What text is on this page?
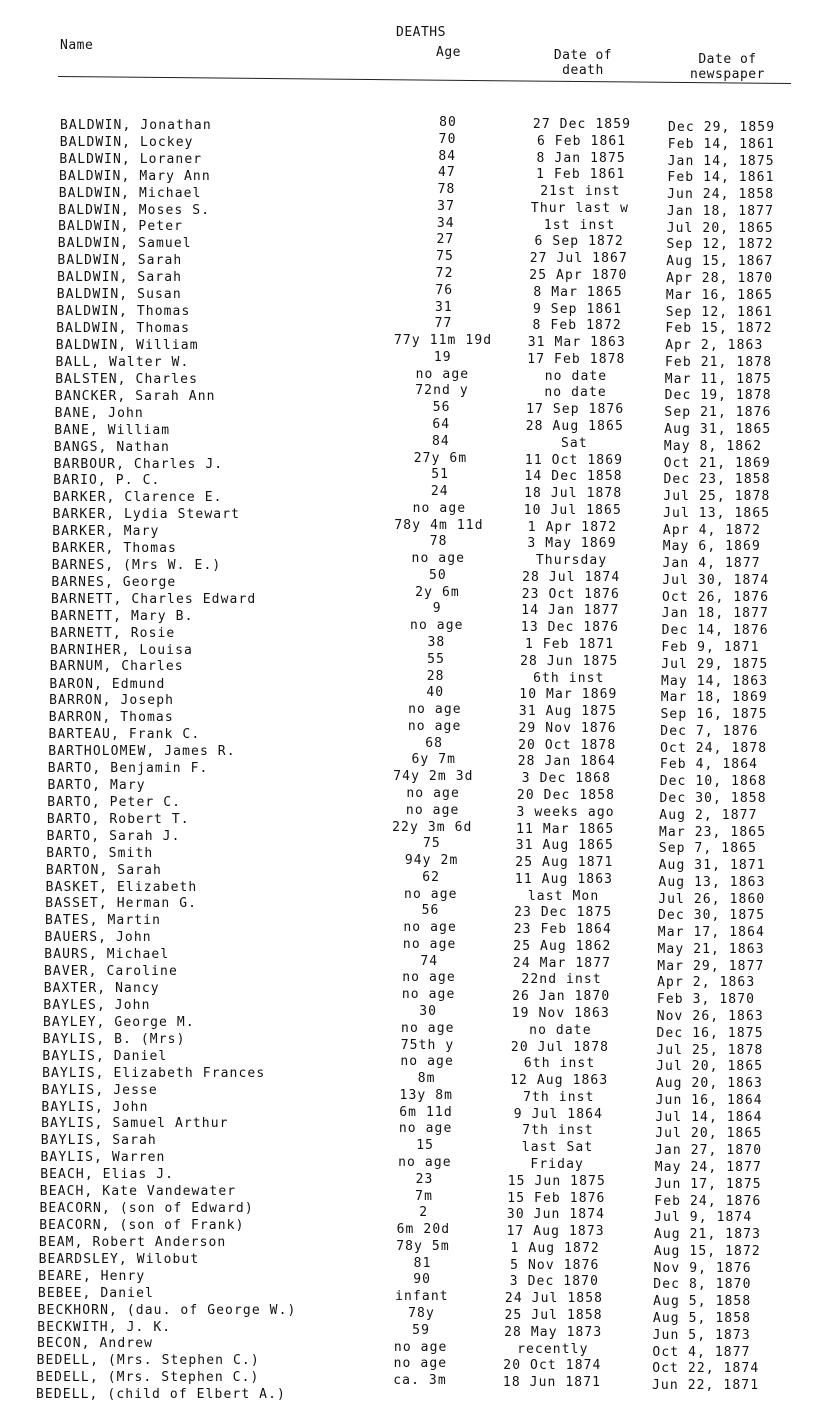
Name
DEATHS
Age	Date of
death
Date of
newspaper
BALDWIN, Jonathan	80	27 Dec 1859	Dec 29, 1859
BALDWIN, Lockey	70	6 Feb 1861	Feb 14, 1861
BALDWIN, Loraner	84	8 Jan 1875	Jan 14, 1875
BALDWIN, Mary Ann	47	1 Feb 1861	Feb 14, 1861
BALDWIN, Michael	78	21st inst	Jun 24, 1858
BALDWIN, Moses S.	37	Thur last w	Jan 18, 1877
BALDWIN, Peter	34	1st inst	Jul 20, 1865
BALDWIN, Samuel	27	6 Sep 1872	Sep 12, 1872
BALDWIN, Sarah	75	27 Jul 1867	Aug 15, 1867
BALDWIN, Sarah	72	25 Apr 1870	Apr 28, 1870
BALDWIN, Susan	76	8 Mar 1865	Mar 16, 1865
BALDWIN, Thomas	31	9 Sep 1861	Sep 12, 1861
BALDWIN, Thomas	77	8 Feb 1872	Feb 15, 1872
BALDWIN, William	77y 11m 19d	31 Mar 1863	Apr 2, 1863
BALL, Walter W.	19	17 Feb 1878	Feb 21, 1878
BALSTEN, Charles	no age	no date	Mar 11, 1875
BANCKER, Sarah Ann	72nd y	no date	Dec 19, 1878
BANE, John	56	17 Sep 1876	Sep 21, 1876
BANE, William	64	28 Aug 1865	Aug 31, 1865
BANGS, Nathan	84	Sat	May 8, 1862
BARBOUR, Charles J.	27y 6m	11 Oct 1869	Oct 21, 1869
BARIO, P. C.	51	14 Dec 1858	Dec 23, 1858
BARKER, Clarence E.	24	18 Jul 1878	Jul 25, 1878
BARKER, Lydia Stewart	no age	10 Jul 1865	Jul 13, 1865
BARKER, Mary	78y 4m 11d	1 Apr 1872	Apr 4, 1872
BARKER, Thomas	78	3 May 1869	May 6, 1869
BARNES, (Mrs W. E.)	no age	Thursday	Jan 4, 1877
BARNES, George	50	28 Jul 1874	Jul 30, 1874
BARNETT, Charles Edward	2y 6m	23 Oct 1876	Oct 26, 1876
BARNETT, Mary B.	9	14 Jan 1877	Jan 18, 1877
BARNETT, Rosie	no age	13 Dec 1876	Dec 14, 1876
BARNIHER, Louisa
38	1 Feb 1871	Feb 9, 1871
BARNUM, Charles
55	28 Jun 1875	Jul 29, 1875
BARON, Edmund
28	6th inst	May 14, 1863
BARRON, Joseph
40	10 Mar 1869	Mar 18, 1869
BARRON, Thomas
no age	31 Aug 1875	Sep 16, 1875
BARTEAU, Frank C.
no age	29 Nov 1876	Dec 7, 1876
BARTHOLOMEW, James R.
68	20 Oct 1878	Oct 24, 1878
BARTO, Benjamin F.
6y 7m	28 Jan 1864	Feb 4, 1864
BARTO, Mary
74y 2m 3d	3 Dec 1868	Dec 10, 1868
BARTO, Peter C.
no age	20 Dec 1858	Dec 30, 1858
BARTO, Robert T.
no age	3 weeks ago	Aug 2, 1877
BARTO, Sarah J.
22y 3m 6d	11 Mar 1865	Mar 23, 1865
BARTO, Smith
75	31 Aug 1865	Sep 7, 1865
BARTON, Sarah
94y 2m	25 Aug 1871	Aug 31, 1871
BASKET, Elizabeth
62	11 Aug 1863	Aug 13, 1863
BASSET, Herman G.
no age	last Mon	Jul 26, 1860
BATES, Martin
56	23 Dec 1875	Dec 30, 1875
BAUERS, John
no age	23 Feb 1864	Mar 17, 1864
BAURS, Michael
no age	25 Aug 1862	May 21, 1863
BAVER, Caroline
74	24 Mar 1877	Mar 29, 1877
BAXTER, Nancy
no age	22nd inst	Apr 2, 1863
BAYLES, John
no age	26 Jan 1870	Feb 3, 1870
BAYLEY, George M.
30	19 Nov 1863	Nov 26, 1863
BAYLIS, B. (Mrs)
no age	no date	Dec 16, 1875
BAYLIS, Daniel
75th y	20 Jul 1878	Jul 25, 1878
BAYLIS, Elizabeth Frances
no age	6th inst	Jul 20, 1865
BAYLIS, Jesse
8m	12 Aug 1863	Aug 20, 1863
BAYLIS, John
13y 8m	7th inst	Jun 16, 1864
BAYLIS, Samuel Arthur
6m 11d	9 Jul 1864	Jul 14, 1864
BAYLIS, Sarah
no age	7th inst	Jul 20, 1865
BAYLIS, Warren
15	last Sat	Jan 27, 1870
BEACH, Elias J.
no age	Friday	May 24, 1877
BEACH, Kate Vandewater
23	15 Jun 1875	Jun 17, 1875
BEACORN, (son of Edward)
7m	15 Feb 1876	Feb 24, 1876
BEACORN, (son of Frank)
2	30 Jun 1874	Jul 9, 1874
BEAM, Robert Anderson
6m 20d	17 Aug 1873	Aug 21, 1873
BEARDSLEY, Wilobut
78y 5m	1 Aug 1872	Aug 15, 1872
BEARE, Henry
81	5 Nov 1876	Nov 9, 1876
BEBEE, Daniel
90	3 Dec 1870	Dec 8, 1870
BECKHORN, (dau. of George W.)
infant	24 Jul 1858	Aug 5, 1858
BECKWITH, J. K.
78y	25 Jul 1858	Aug 5, 1858
BECON, Andrew
59	28 May 1873	Jun 5, 1873
BEDELL, (Mrs. Stephen C.)
no age	recently	Oct 4, 1877
BEDELL, (Mrs. Stephen C.)
no age	20 Oct 1874	Oct 22, 1874
BEDELL, (child of Elbert A.)
ca. 3m	18 Jun 1871	Jun 22, 1871
